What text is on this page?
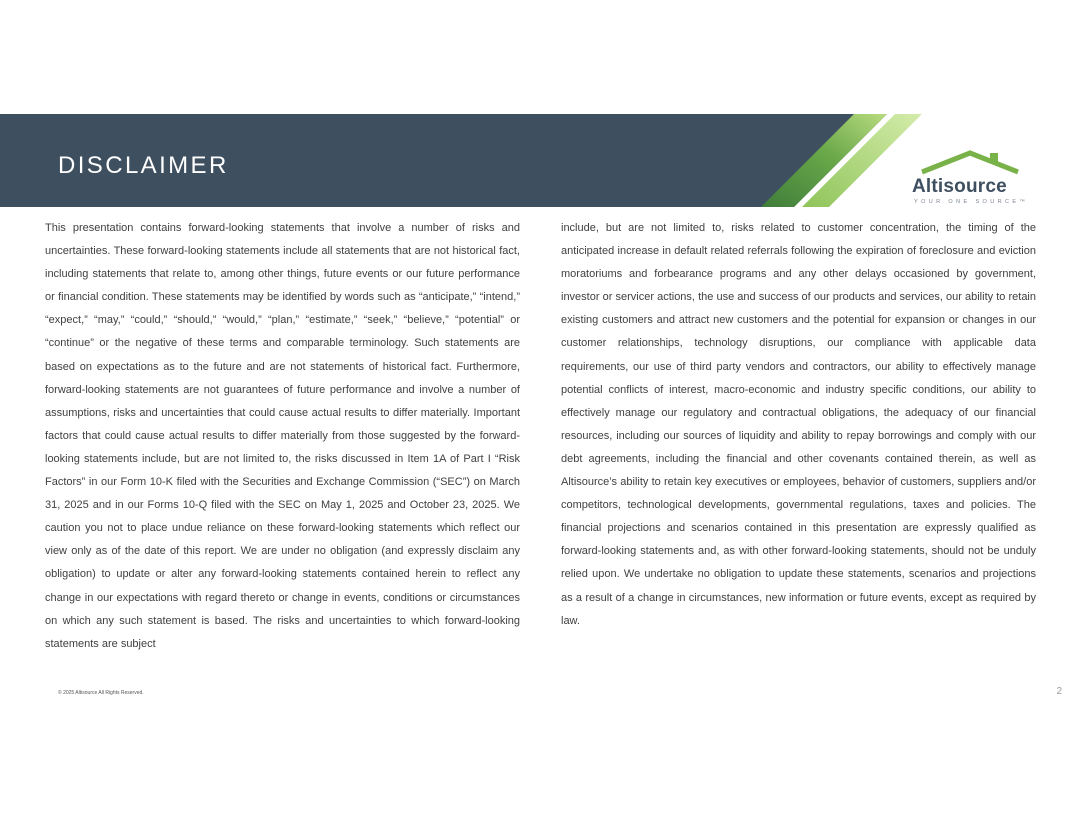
DISCLAIMER
Altisource
YOUR ONE SOURCE™

This presentation contains forward-looking statements that involve a number of risks and uncertainties. These forward-looking statements include all statements that are not historical fact, including statements that relate to, among other things, future events or our future performance or financial condition. These statements may be identified by words such as “anticipate,” “intend,” “expect,” “may,” “could,” “should,” “would,” “plan,” “estimate,” “seek,” “believe,” “potential” or “continue” or the negative of these terms and comparable terminology. Such statements are based on expectations as to the future and are not statements of historical fact. Furthermore, forward-looking statements are not guarantees of future performance and involve a number of assumptions, risks and uncertainties that could cause actual results to differ materially. Important factors that could cause actual results to differ materially from those suggested by the forward-looking statements include, but are not limited to, the risks discussed in Item 1A of Part I “Risk Factors” in our Form 10-K filed with the Securities and Exchange Commission (“SEC”) on March 31, 2025 and in our Forms 10-Q filed with the SEC on May 1, 2025 and October 23, 2025. We caution you not to place undue reliance on these forward-looking statements which reflect our view only as of the date of this report. We are under no obligation (and expressly disclaim any obligation) to update or alter any forward-looking statements contained herein to reflect any change in our expectations with regard thereto or change in events, conditions or circumstances on which any such statement is based. The risks and uncertainties to which forward-looking statements are subject

include, but are not limited to, risks related to customer concentration, the timing of the anticipated increase in default related referrals following the expiration of foreclosure and eviction moratoriums and forbearance programs and any other delays occasioned by government, investor or servicer actions, the use and success of our products and services, our ability to retain existing customers and attract new customers and the potential for expansion or changes in our customer relationships, technology disruptions, our compliance with applicable data requirements, our use of third party vendors and contractors, our ability to effectively manage potential conflicts of interest, macro-economic and industry specific conditions, our ability to effectively manage our regulatory and contractual obligations, the adequacy of our financial resources, including our sources of liquidity and ability to repay borrowings and comply with our debt agreements, including the financial and other covenants contained therein, as well as Altisource’s ability to retain key executives or employees, behavior of customers, suppliers and/or competitors, technological developments, governmental regulations, taxes and policies. The financial projections and scenarios contained in this presentation are expressly qualified as forward-looking statements and, as with other forward-looking statements, should not be unduly relied upon. We undertake no obligation to update these statements, scenarios and projections as a result of a change in circumstances, new information or future events, except as required by law.

© 2025 Altisource All Rights Reserved.	2
